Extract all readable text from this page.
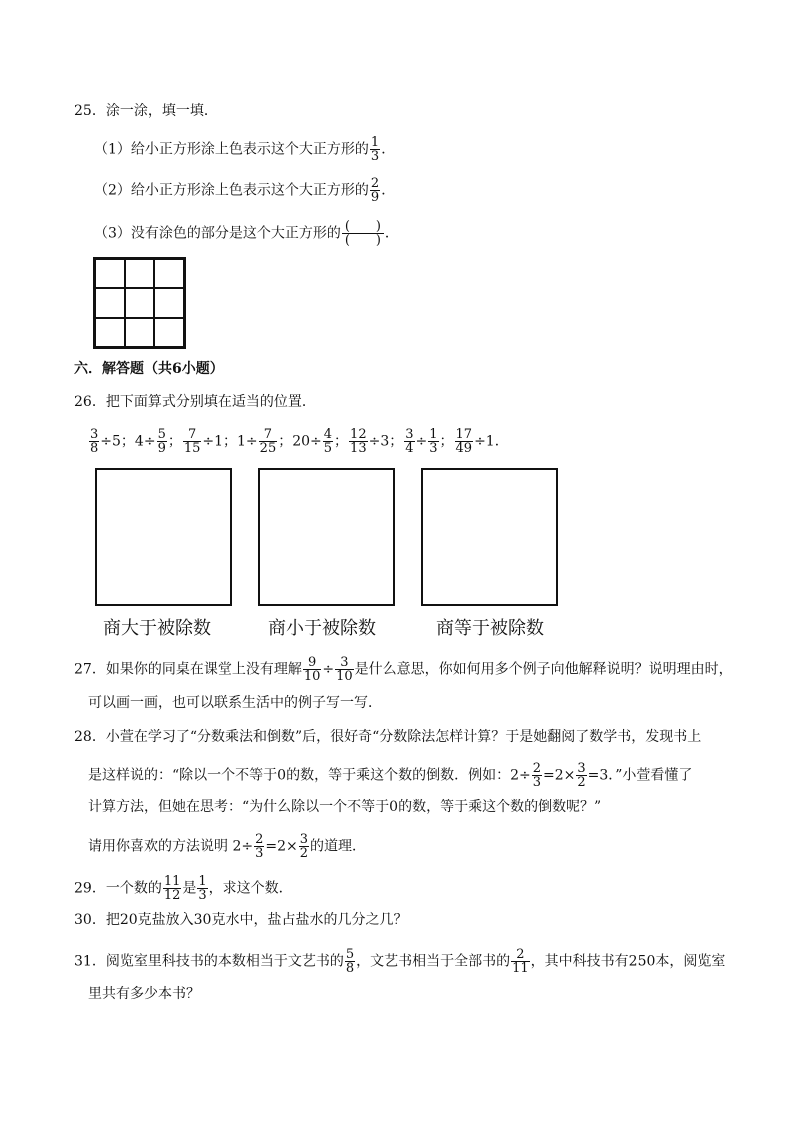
25．涂一涂，填一填．
（1）给小正方形涂上色表示这个大正方形的 $\frac{1}{3}$ ．
（2）给小正方形涂上色表示这个大正方形的 $\frac{2}{9}$ ．
（3）没有涂色的部分是这个大正方形的 $\frac{( )}{( )}$ ．
六．解答题（共6小题）
26．把下面算式分别填在适当的位置．
$\frac{3}{8} \div 5$；$4\div \frac{5}{9}$ ； $\frac{7}{15} \div 1$；$1\div \frac{7}{25}$ ；$20\div \frac{4}{5}$ ； $\frac{12}{13} \div 3$； $\frac{3}{4} \div \frac{1}{3}$ ； $\frac{17}{49} \div 1$．
商大于被除数	商小于被除数	商等于被除数
27．如果你的同桌在课堂上没有理解 $\frac{9}{10} \div \frac{3}{10}$ 是什么意思，你如何用多个例子向他解释说明？说明理由时，
可以画一画，也可以联系生活中的例子写一写．
28．小萱在学习了“分数乘法和倒数”后，很好奇“分数除法怎样计算？于是她翻阅了数学书，发现书上
是这样说的：“除以一个不等于0的数，等于乘这个数的倒数．例如：$2\div \frac{2}{3} =2\times \frac{3}{2} =3$．”小萱看懂了
计算方法，但她在思考：“为什么除以一个不等于0的数，等于乘这个数的倒数呢？”
请用你喜欢的方法说明 $2\div \frac{2}{3} =2\times \frac{3}{2}$ 的道理．
29．一个数的 $\frac{11}{12}$ 是 $\frac{1}{3}$ ，求这个数．
30．把20克盐放入30克水中，盐占盐水的几分之几？
31．阅览室里科技书的本数相当于文艺书的 $\frac{5}{8}$ ，文艺书相当于全部书的 $\frac{2}{11}$ ，其中科技书有250本，阅览室
里共有多少本书？
